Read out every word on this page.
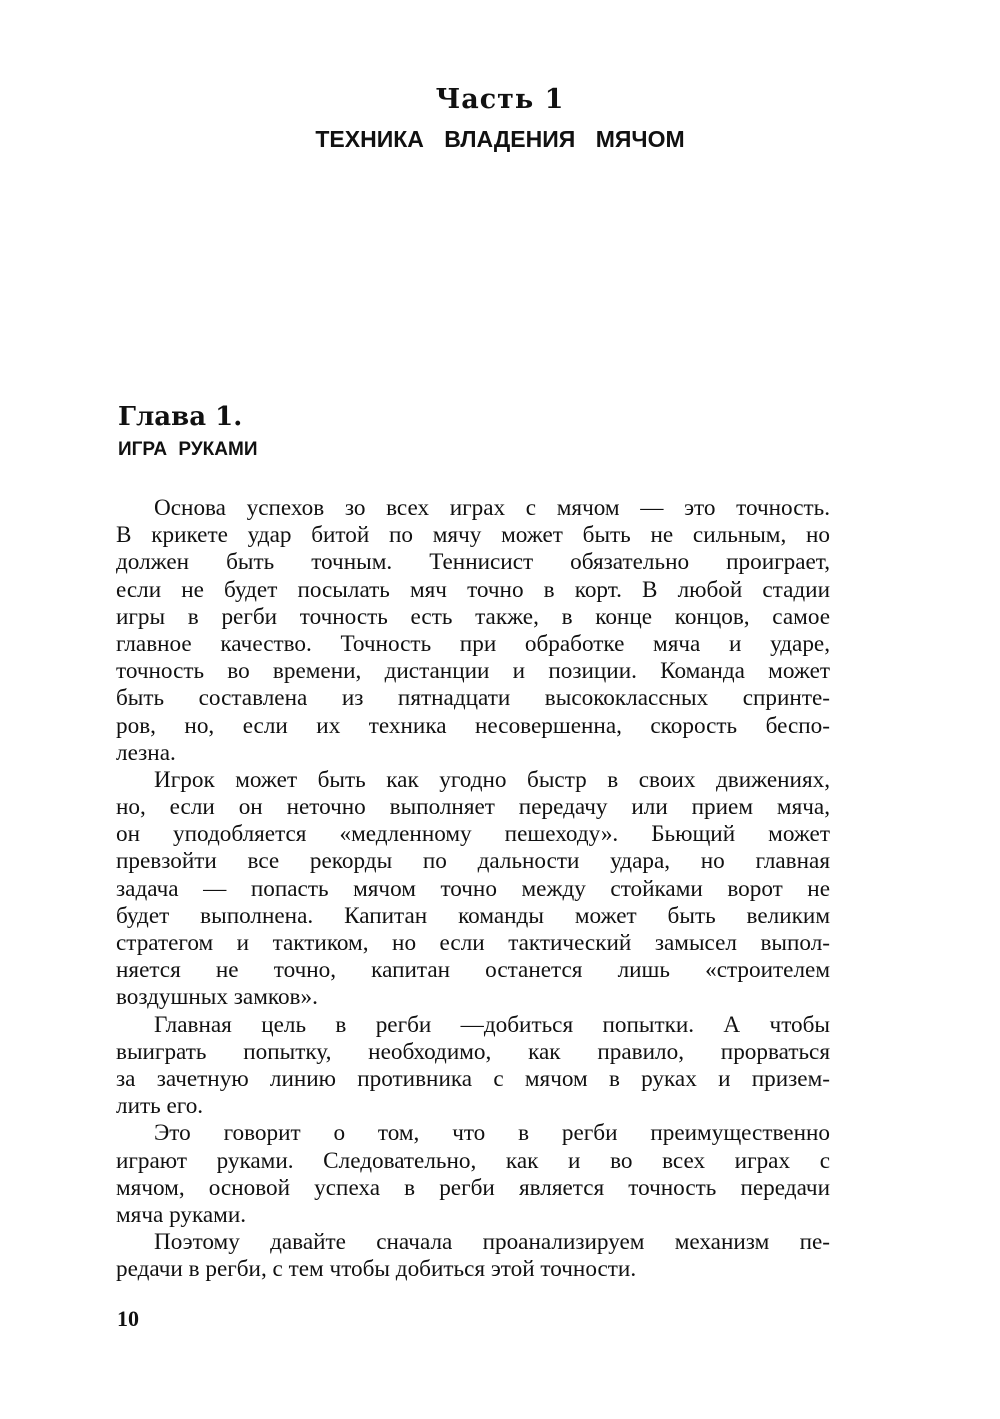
Часть 1
ТЕХНИКА ВЛАДЕНИЯ МЯЧОМ
Глава 1.
ИГРА РУКАМИ

Основа успехов зо всех играх с мячом — это точность.
В крикете удар битой по мячу может быть не сильным, но
должен быть точным. Теннисист обязательно проиграет,
если не будет посылать мяч точно в корт. В любой стадии
игры в регби точность есть также, в конце концов, самое
главное качество. Точность при обработке мяча и ударе,
точность во времени, дистанции и позиции. Команда может
быть составлена из пятнадцати высококлассных спринте-
ров, но, если их техника несовершенна, скорость беспо-
лезна.

Игрок может быть как угодно быстр в своих движениях,
но, если он неточно выполняет передачу или прием мяча,
он уподобляется «медленному пешеходу». Бьющий может
превзойти все рекорды по дальности удара, но главная
задача — попасть мячом точно между стойками ворот не
будет выполнена. Капитан команды может быть великим
стратегом и тактиком, но если тактический замысел выпол-
няется не точно, капитан останется лишь «строителем
воздушных замков».

Главная цель в регби —добиться попытки. А чтобы
выиграть попытку, необходимо, как правило, прорваться
за зачетную линию противника с мячом в руках и призем-
лить его.

Это говорит о том, что в регби преимущественно
играют руками. Следовательно, как и во всех играх с
мячом, основой успеха в регби является точность передачи
мяча руками.

Поэтому давайте сначала проанализируем механизм пе-
редачи в регби, с тем чтобы добиться этой точности.

10
